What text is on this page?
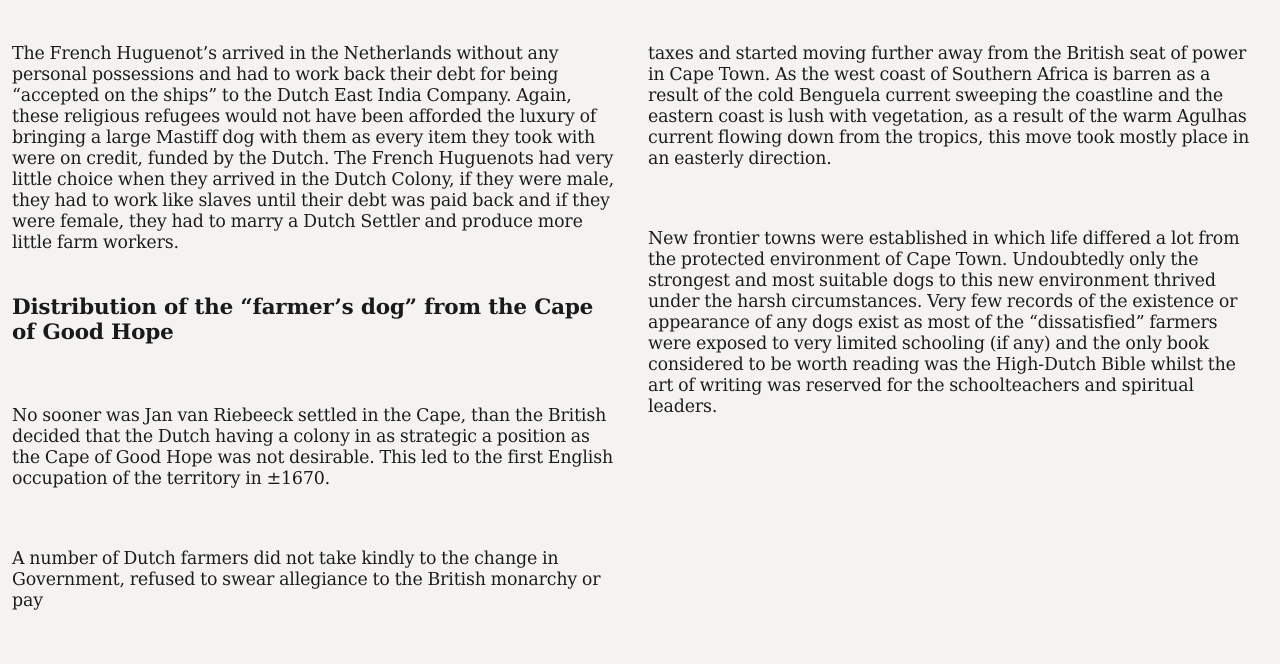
The French Huguenot’s arrived in the Netherlands without any personal possessions and had to work back their debt for being “accepted on the ships” to the Dutch East India Company. Again, these religious refugees would not have been afforded the luxury of bringing a large Mastiff dog with them as every item they took with were on credit, funded by the Dutch. The French Huguenots had very little choice when they arrived in the Dutch Colony, if they were male, they had to work like slaves until their debt was paid back and if they were female, they had to marry a Dutch Settler and produce more little farm workers.

Distribution of the “farmer’s dog” from the Cape of Good Hope

No sooner was Jan van Riebeeck settled in the Cape, than the British decided that the Dutch having a colony in as strategic a position as the Cape of Good Hope was not desirable. This led to the first English occupation of the territory in ±1670.

A number of Dutch farmers did not take kindly to the change in Government, refused to swear allegiance to the British monarchy or pay

taxes and started moving further away from the British seat of power in Cape Town. As the west coast of Southern Africa is barren as a result of the cold Benguela current sweeping the coastline and the eastern coast is lush with vegetation, as a result of the warm Agulhas current flowing down from the tropics, this move took mostly place in an easterly direction.

New frontier towns were established in which life differed a lot from the protected environment of Cape Town. Undoubtedly only the strongest and most suitable dogs to this new environment thrived under the harsh circumstances. Very few records of the existence or appearance of any dogs exist as most of the “dissatisfied” farmers were exposed to very limited schooling (if any) and the only book considered to be worth reading was the High-Dutch Bible whilst the art of writing was reserved for the schoolteachers and spiritual leaders.
